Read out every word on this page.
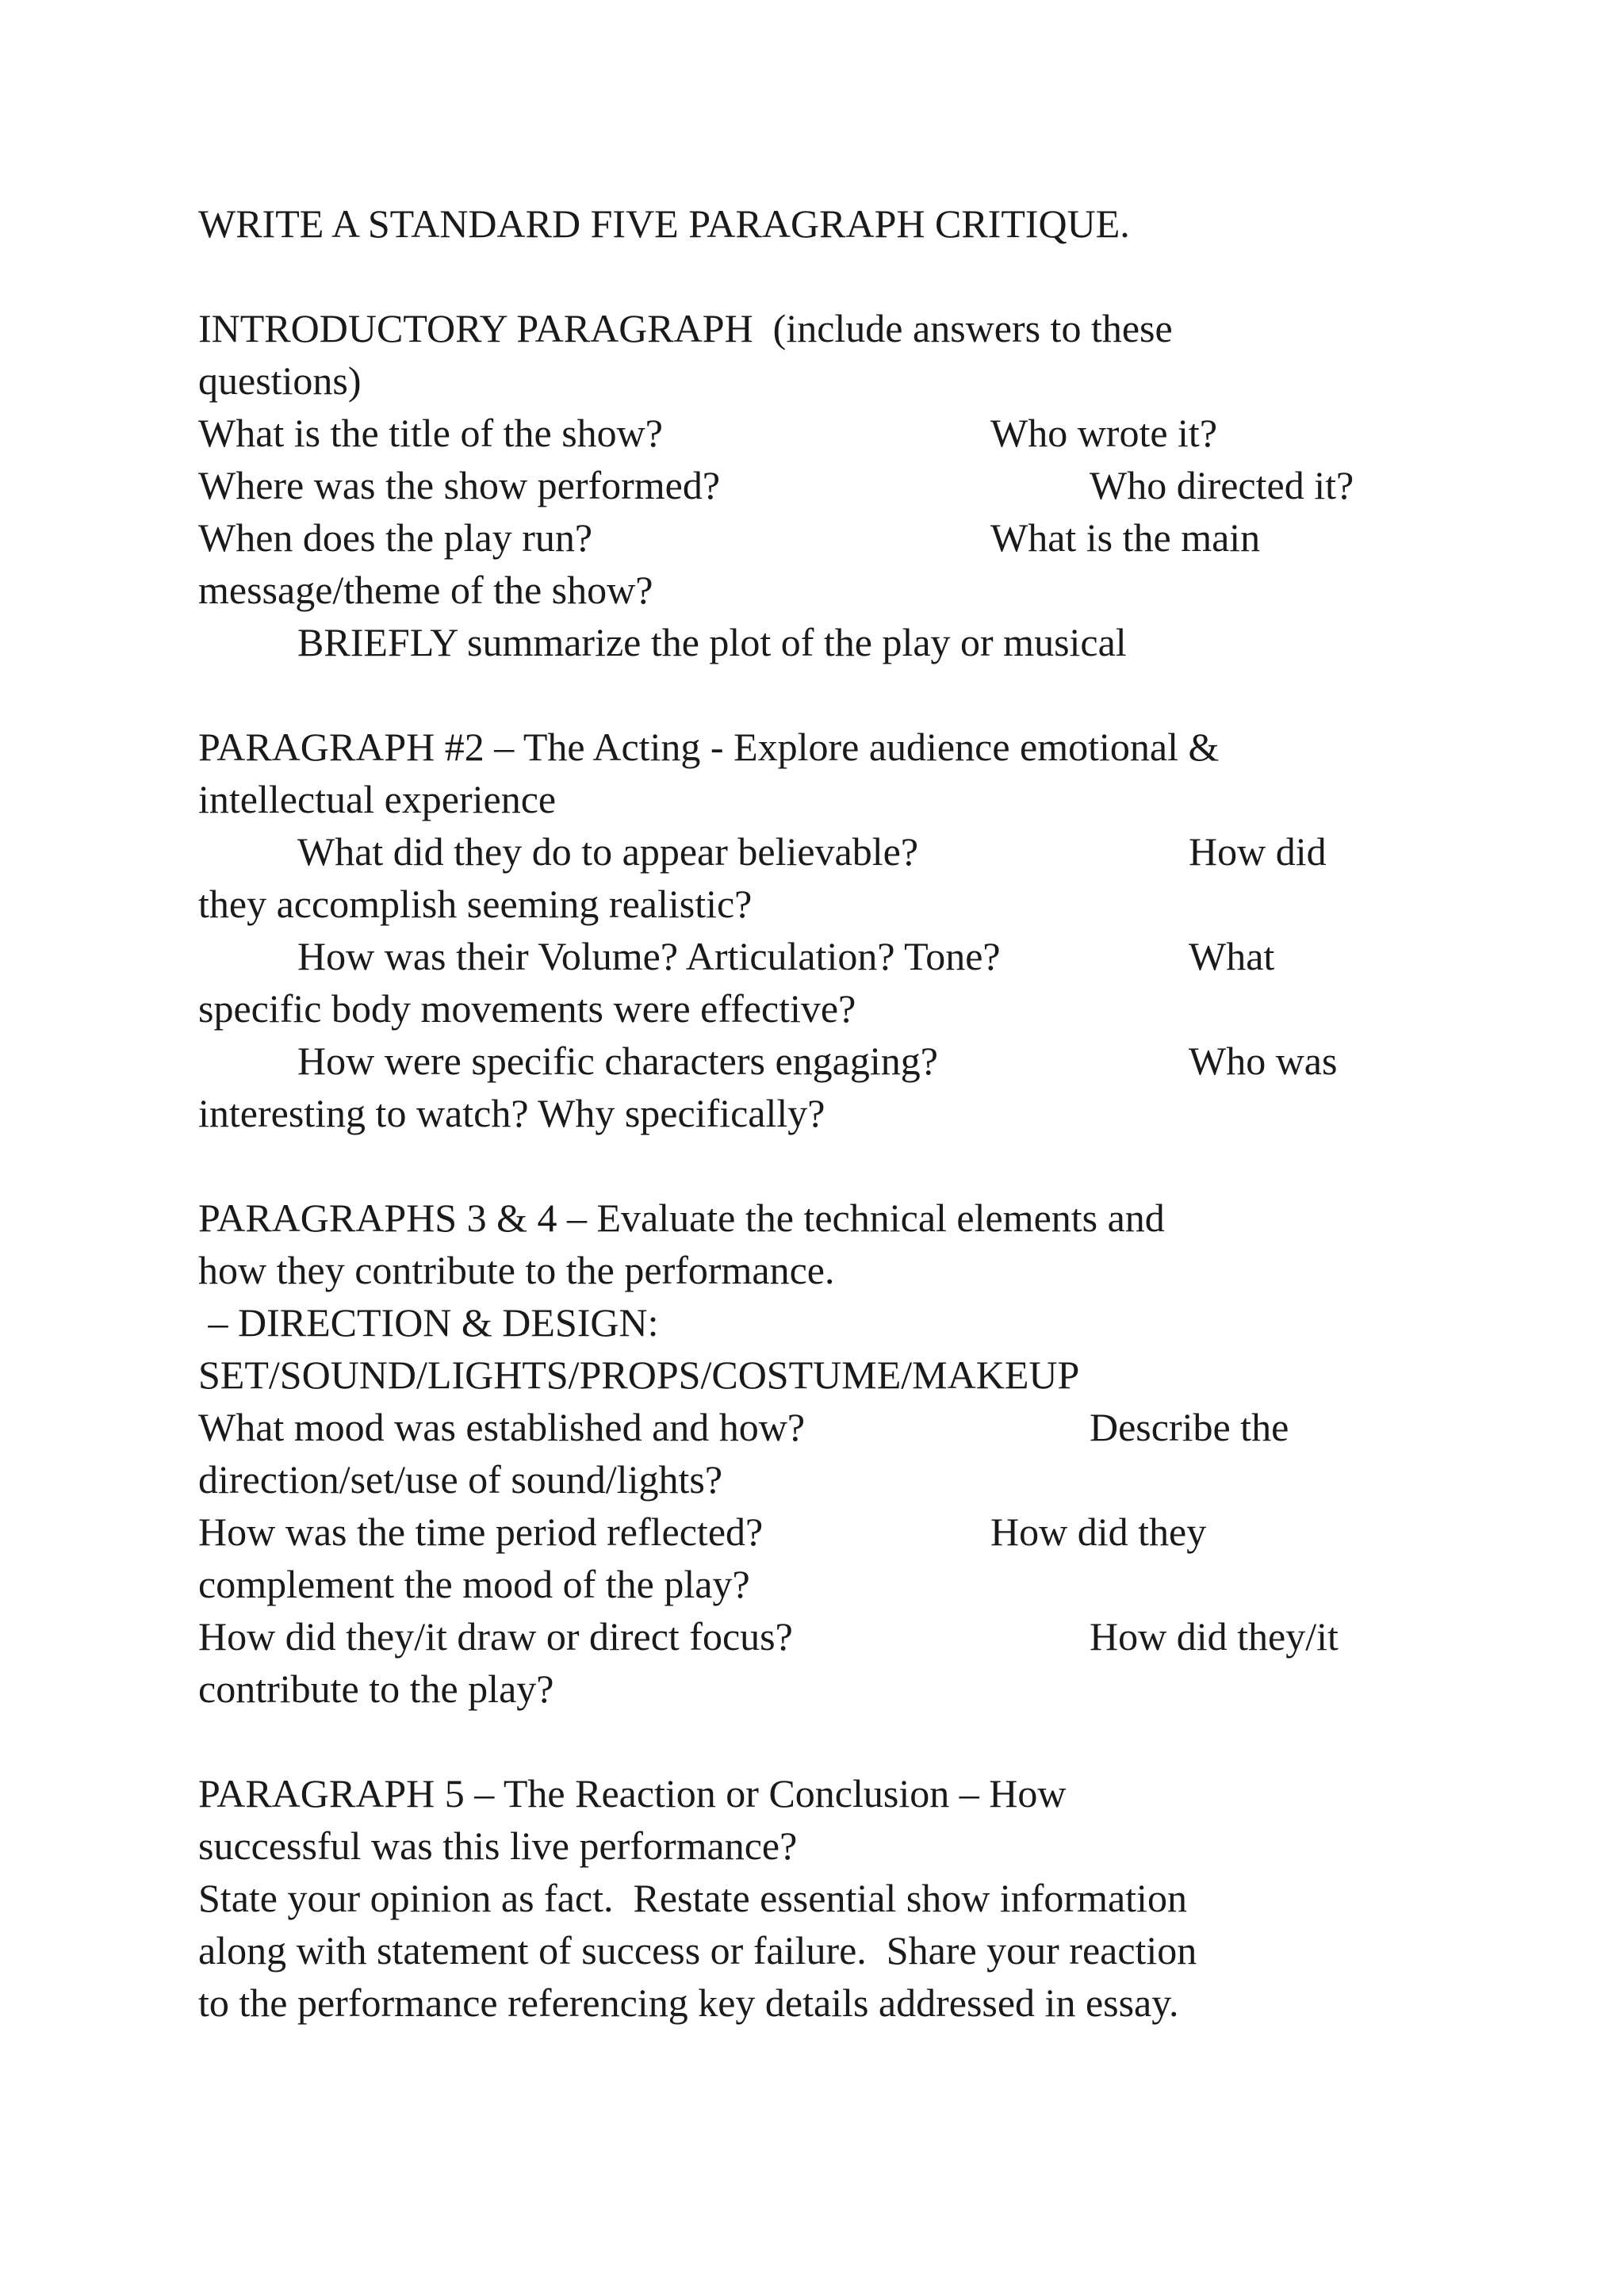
WRITE A STANDARD FIVE PARAGRAPH CRITIQUE.
INTRODUCTORY PARAGRAPH  (include answers to these
questions)

What is the title of the show?

	Who wrote it?

Where was the show performed?

	Who directed it?

When does the play run?

	What is the main

message/theme of the show?
BRIEFLY summarize the plot of the play or musical
PARAGRAPH #2 – The Acting - Explore audience emotional &
intellectual experience

What did they do to appear believable?

	How did

they accomplish seeming realistic?

How was their Volume? Articulation? Tone?

	What

specific body movements were effective?

How were specific characters engaging?

	Who was

interesting to watch? Why specifically?
PARAGRAPHS 3 & 4 – Evaluate the technical elements and
how they contribute to the performance.
– DIRECTION & DESIGN:
SET/SOUND/LIGHTS/PROPS/COSTUME/MAKEUP

What mood was established and how?

	Describe the

direction/set/use of sound/lights?

How was the time period reflected?

	How did they

complement the mood of the play?

How did they/it draw or direct focus?

	How did they/it

contribute to the play?
PARAGRAPH 5 – The Reaction or Conclusion – How
successful was this live performance?
State your opinion as fact.  Restate essential show information
along with statement of success or failure.  Share your reaction
to the performance referencing key details addressed in essay.
